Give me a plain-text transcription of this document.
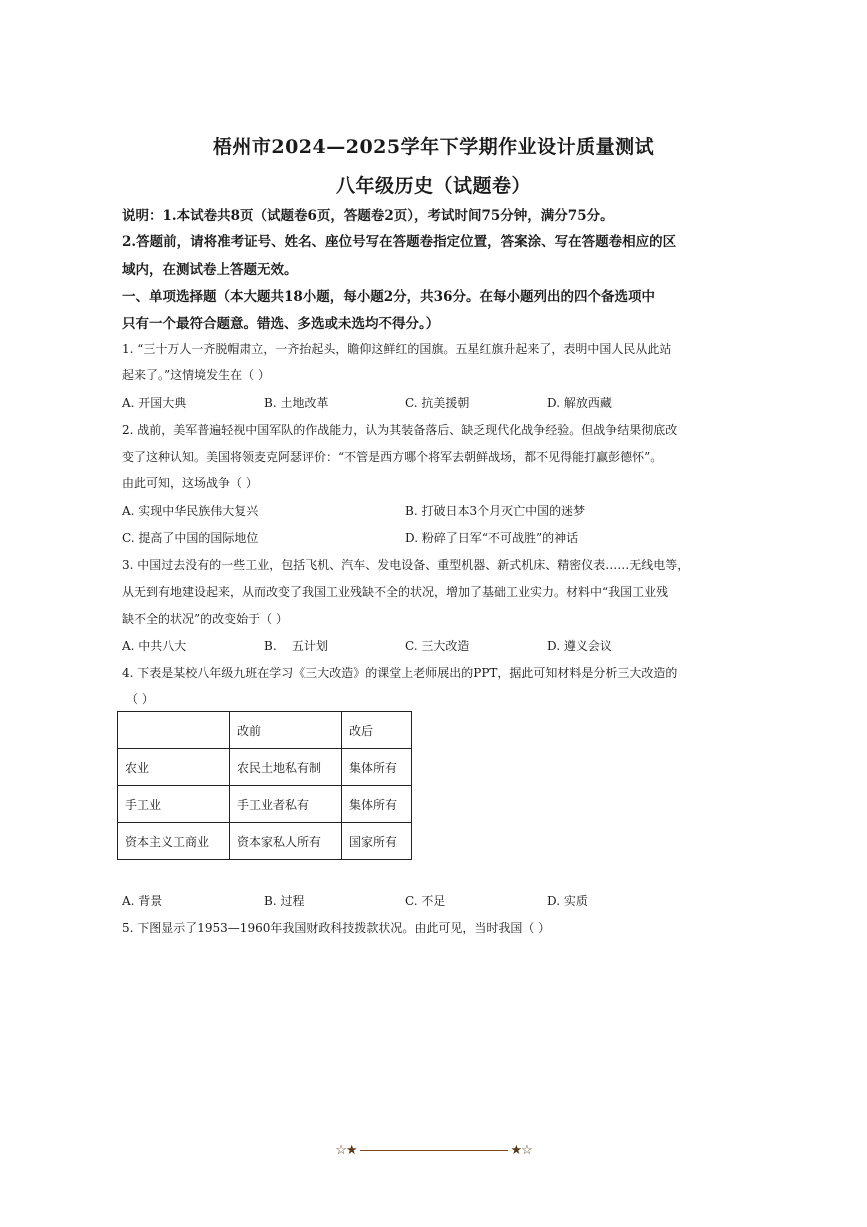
梧州市2024—2025学年下学期作业设计质量测试
八年级历史（试题卷）
说明：1.本试卷共8页（试题卷6页，答题卷2页），考试时间75分钟，满分75分。
2.答题前，请将准考证号、姓名、座位号写在答题卷指定位置，答案涂、写在答题卷相应的区
域内，在测试卷上答题无效。
一、单项选择题（本大题共18小题，每小题2分，共36分。在每小题列出的四个备选项中
只有一个最符合题意。错选、多选或未选均不得分。）
1. “三十万人一齐脱帽肃立，一齐抬起头，瞻仰这鲜红的国旗。五星红旗升起来了，表明中国人民从此站
起来了。”这情境发生在（ ）
A. 开国大典	B. 土地改革	C. 抗美援朝	D. 解放西藏
2. 战前，美军普遍轻视中国军队的作战能力，认为其装备落后、缺乏现代化战争经验。但战争结果彻底改
变了这种认知。美国将领麦克阿瑟评价：“不管是西方哪个将军去朝鲜战场，都不见得能打赢彭德怀”。
由此可知，这场战争（ ）
A. 实现中华民族伟大复兴	B. 打破日本3个月灭亡中国的迷梦
C. 提高了中国的国际地位	D. 粉碎了日军“不可战胜”的神话
3. 中国过去没有的一些工业，包括飞机、汽车、发电设备、重型机器、新式机床、精密仪表……无线电等，
从无到有地建设起来，从而改变了我国工业残缺不全的状况，增加了基础工业实力。材料中“我国工业残
缺不全的状况”的改变始于（ ）
A. 中共八大	B.    五计划	C. 三大改造	D. 遵义会议
4. 下表是某校八年级九班在学习《三大改造》的课堂上老师展出的PPT，据此可知材料是分析三大改造的
（ ）
	改前	改后
农业	农民土地私有制	集体所有
手工业	手工业者私有	集体所有
资本主义工商业	资本家私人所有	国家所有
A. 背景	B. 过程	C. 不足	D. 实质
5. 下图显示了1953—1960年我国财政科技拨款状况。由此可见，当时我国（ ）
☆★	★☆
